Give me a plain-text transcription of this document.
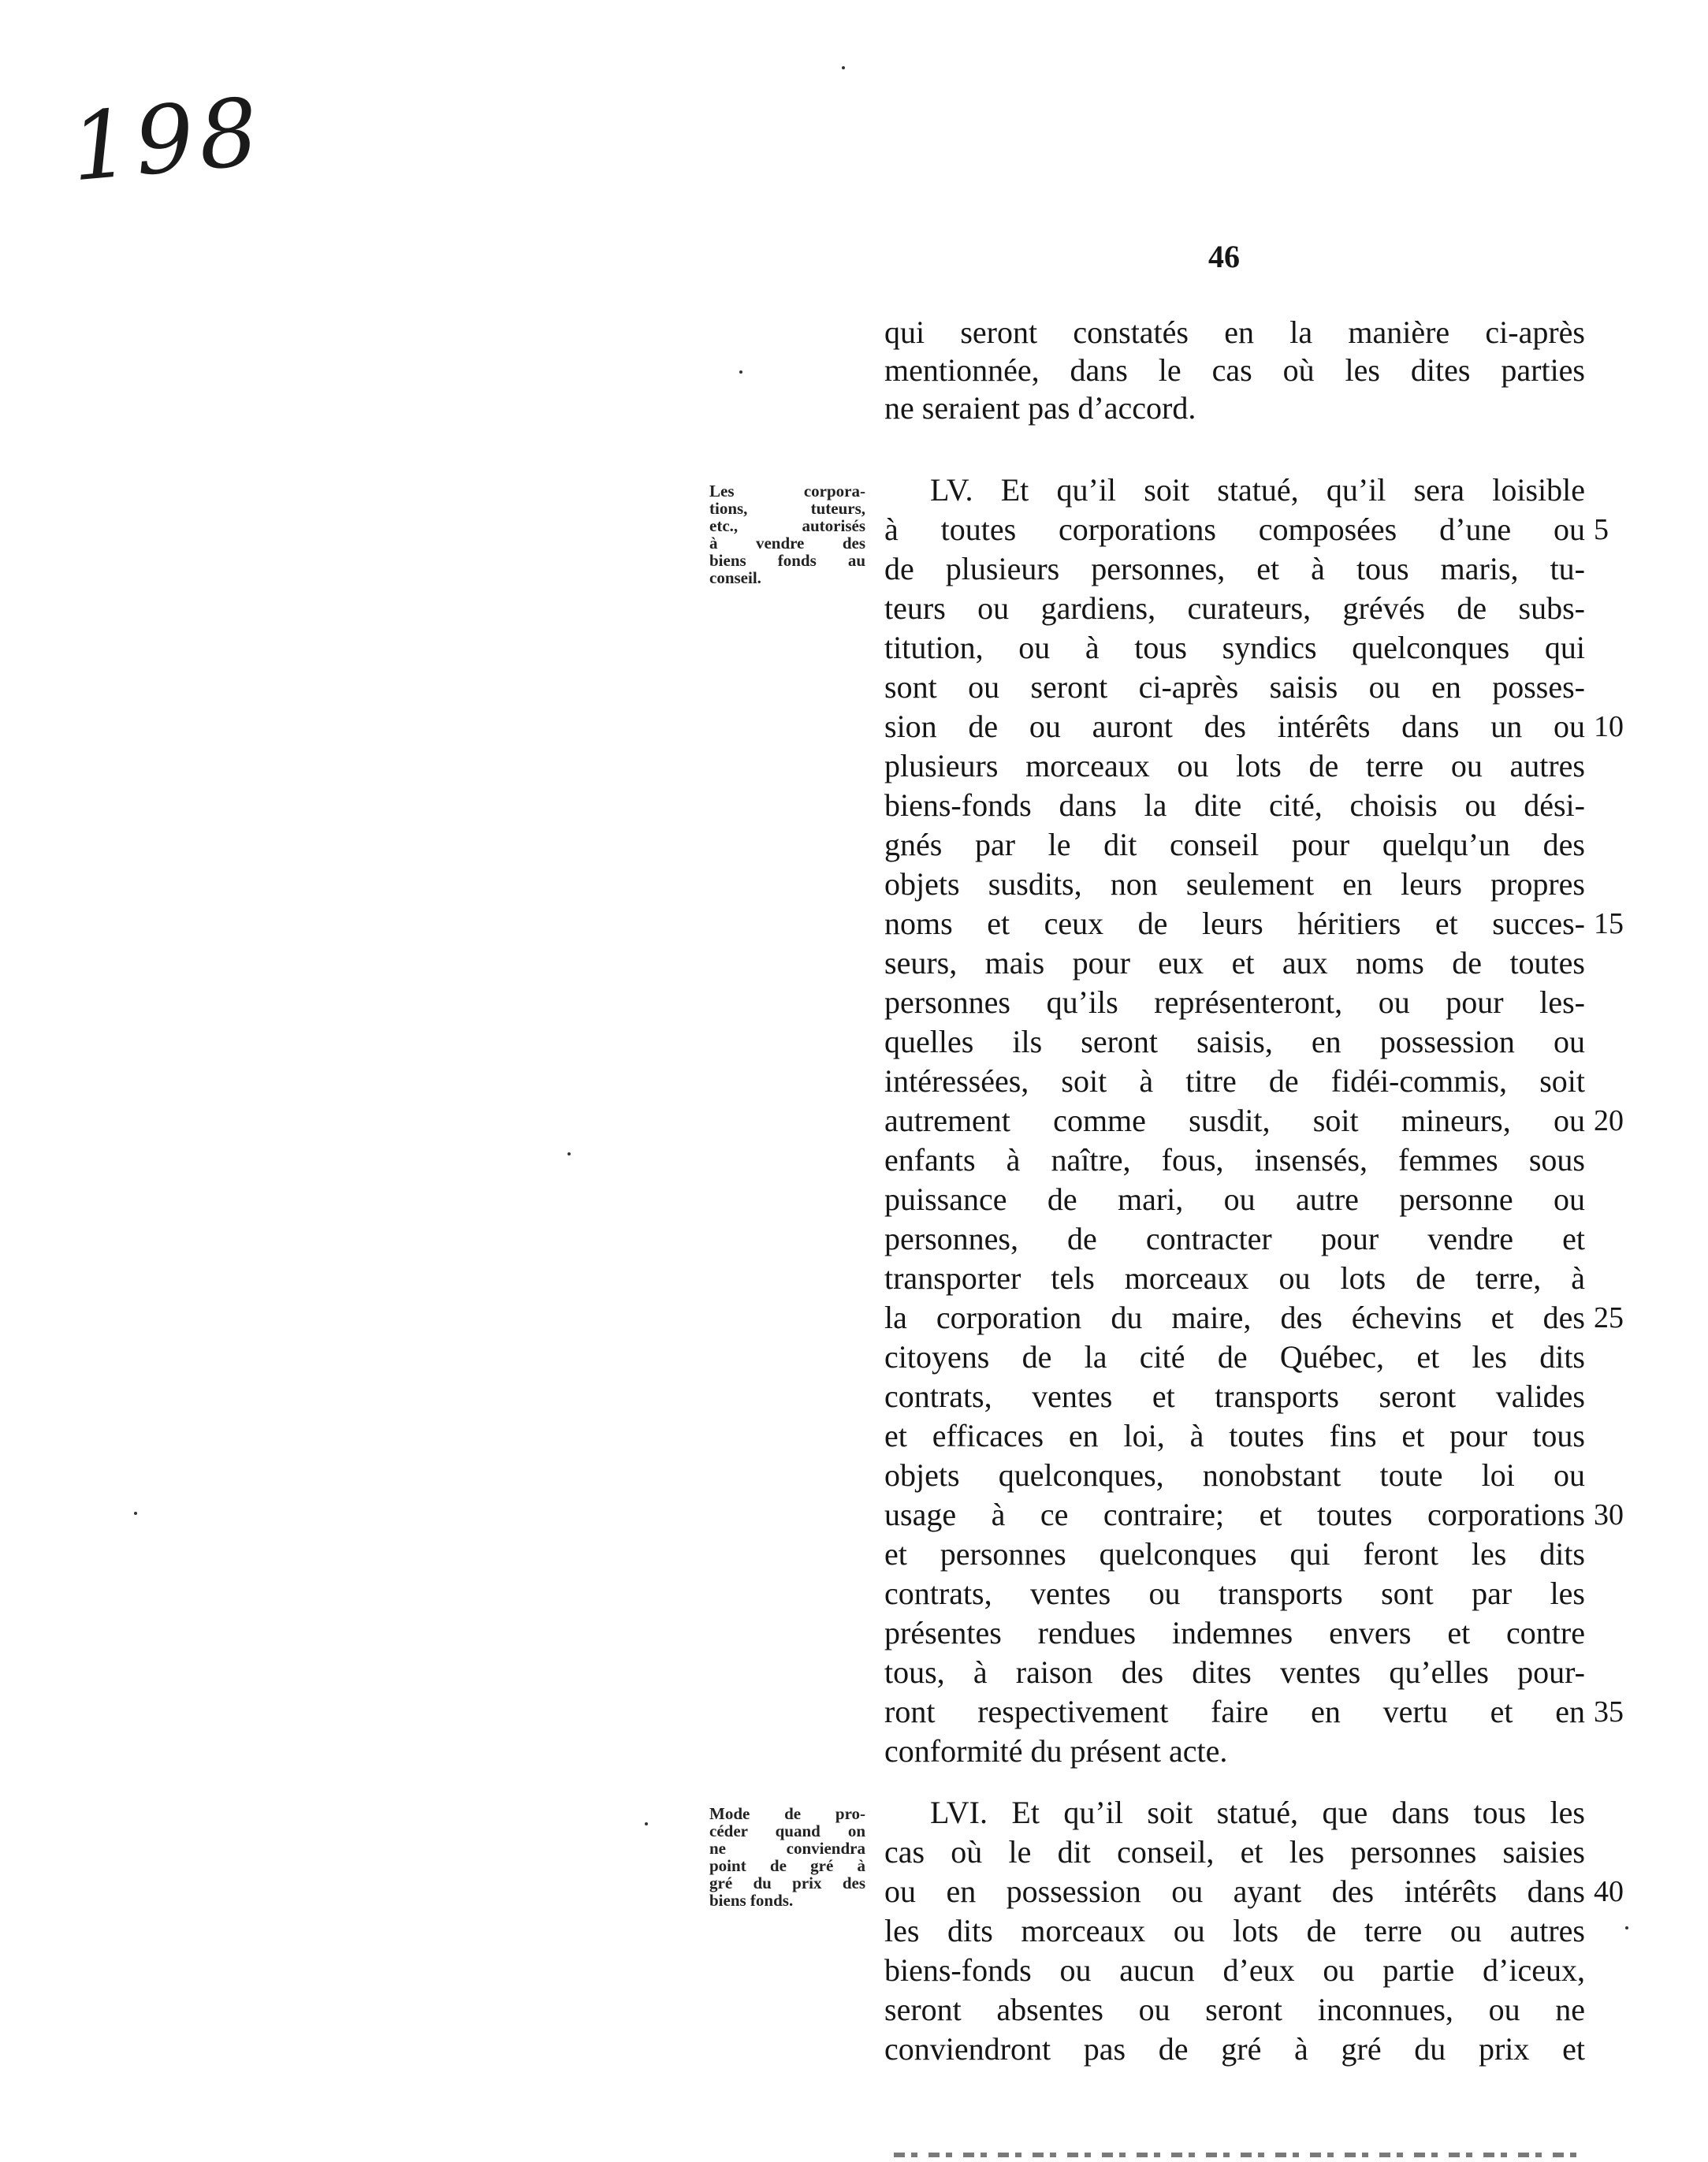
198
46
Les corpora-
tions, tuteurs,
etc., autorisés
à vendre des
biens fonds au
conseil.
Mode de pro-
céder quand on
ne conviendra
point de gré à
gré du prix des
biens fonds.
qui seront constatés en la manière ci-après
mentionnée, dans le cas où les dites parties
ne seraient pas d’accord.
LV. Et qu’il soit statué, qu’il sera loisible
à toutes corporations composées d’une ou
de plusieurs personnes, et à tous maris, tu-
teurs ou gardiens, curateurs, grévés de subs-
titution, ou à tous syndics quelconques qui
sont ou seront ci-après saisis ou en posses-
sion de ou auront des intérêts dans un ou
plusieurs morceaux ou lots de terre ou autres
biens-fonds dans la dite cité, choisis ou dési-
gnés par le dit conseil pour quelqu’un des
objets susdits, non seulement en leurs propres
noms et ceux de leurs héritiers et succes-
seurs, mais pour eux et aux noms de toutes
personnes qu’ils représenteront, ou pour les-
quelles ils seront saisis, en possession ou
intéressées, soit à titre de fidéi-commis, soit
autrement comme susdit, soit mineurs, ou
enfants à naître, fous, insensés, femmes sous
puissance de mari, ou autre personne ou
personnes, de contracter pour vendre et
transporter tels morceaux ou lots de terre, à
la corporation du maire, des échevins et des
citoyens de la cité de Québec, et les dits
contrats, ventes et transports seront valides
et efficaces en loi, à toutes fins et pour tous
objets quelconques, nonobstant toute loi ou
usage à ce contraire; et toutes corporations
et personnes quelconques qui feront les dits
contrats, ventes ou transports sont par les
présentes rendues indemnes envers et contre
tous, à raison des dites ventes qu’elles pour-
ront respectivement faire en vertu et en
conformité du présent acte.
LVI. Et qu’il soit statué, que dans tous les
cas où le dit conseil, et les personnes saisies
ou en possession ou ayant des intérêts dans
les dits morceaux ou lots de terre ou autres
biens-fonds ou aucun d’eux ou partie d’iceux,
seront absentes ou seront inconnues, ou ne
conviendront pas de gré à gré du prix et
5
10
15
20
25
30
35
40
